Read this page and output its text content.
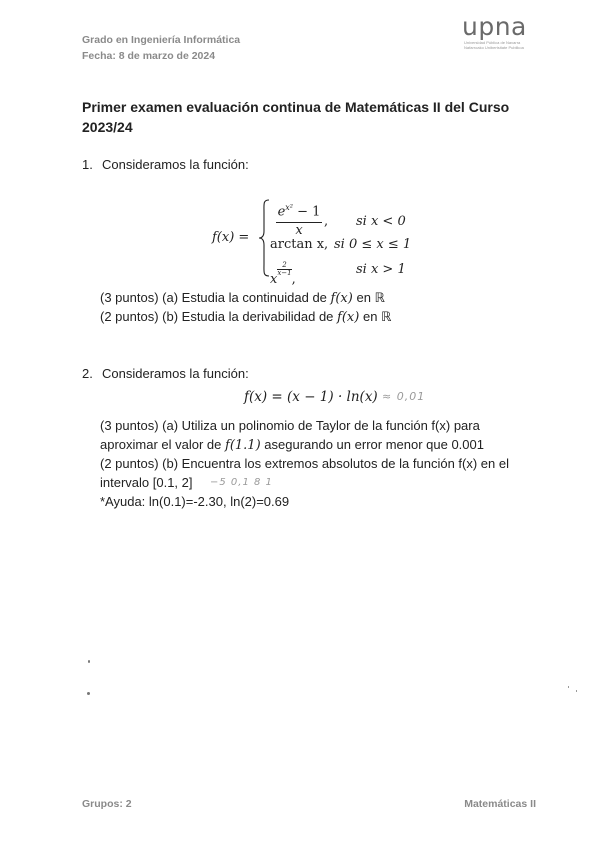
Grado en Ingeniería Informática
Fecha: 8 de marzo de 2024
upna
Universidad Pública de Navarra
Nafarroako Unibertsitate Publikoa
Primer examen evaluación continua de Matemáticas II del Curso
2023/24
1. Consideramos la función:
f(x) =
$e^{x^2} - 1$
x
, si x < 0
arctan x, si 0 ≤ x ≤ 1
x
$\frac{2}{x-1}$
,
si x > 1
(3 puntos) (a) Estudia la continuidad de f(x) en ℝ
(2 puntos) (b) Estudia la derivabilidad de f(x) en ℝ
2. Consideramos la función:
f(x) = (x − 1) · ln(x) ≈ 0,01
(3 puntos) (a) Utiliza un polinomio de Taylor de la función f(x) para
aproximar el valor de f(1.1) asegurando un error menor que 0.001
(2 puntos) (b) Encuentra los extremos absolutos de la función f(x) en el
intervalo [0.1, 2]	−5 0,1 8 1
*Ayuda: ln(0.1)=-2.30, ln(2)=0.69
Grupos: 2	Matemáticas II
